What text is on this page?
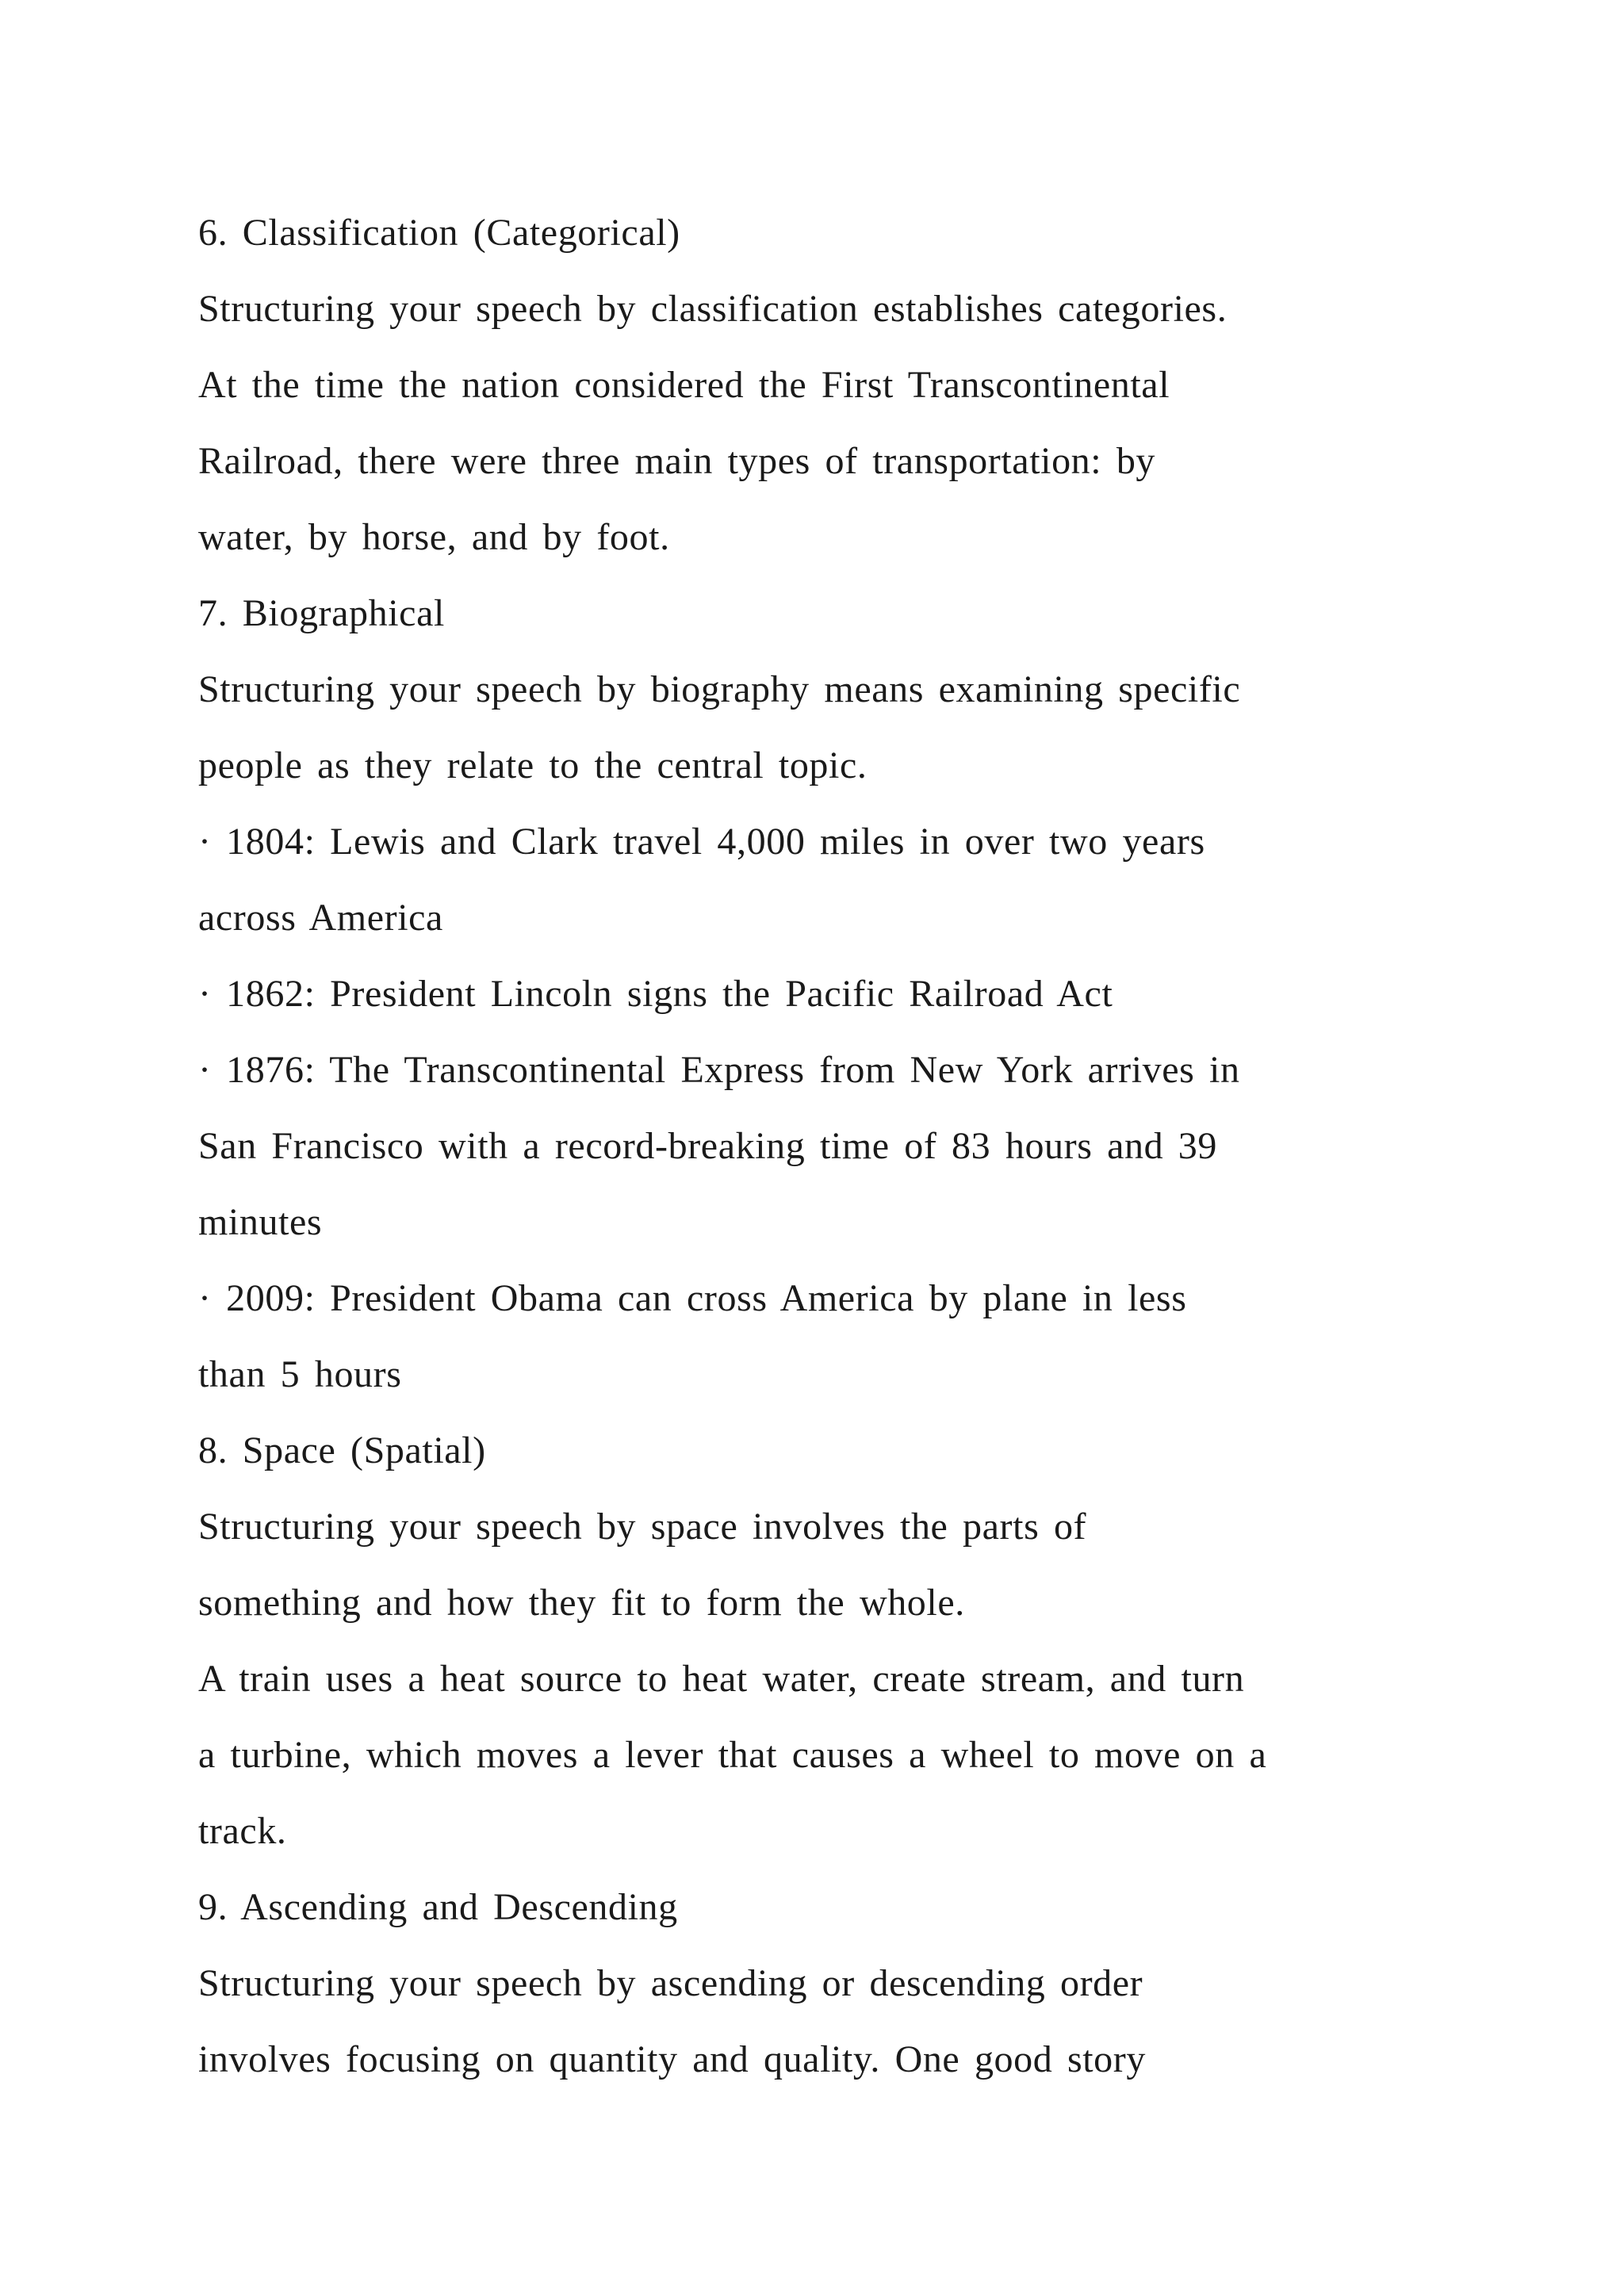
6. Classification (Categorical)
Structuring your speech by classification establishes categories.
At the time the nation considered the First Transcontinental
Railroad, there were three main types of transportation: by
water, by horse, and by foot.
7. Biographical
Structuring your speech by biography means examining specific
people as they relate to the central topic.
· 1804: Lewis and Clark travel 4,000 miles in over two years
across America
· 1862: President Lincoln signs the Pacific Railroad Act
· 1876: The Transcontinental Express from New York arrives in
San Francisco with a record-breaking time of 83 hours and 39
minutes
· 2009: President Obama can cross America by plane in less
than 5 hours
8. Space (Spatial)
Structuring your speech by space involves the parts of
something and how they fit to form the whole.
A train uses a heat source to heat water, create stream, and turn
a turbine, which moves a lever that causes a wheel to move on a
track.
9. Ascending and Descending
Structuring your speech by ascending or descending order
involves focusing on quantity and quality. One good story
